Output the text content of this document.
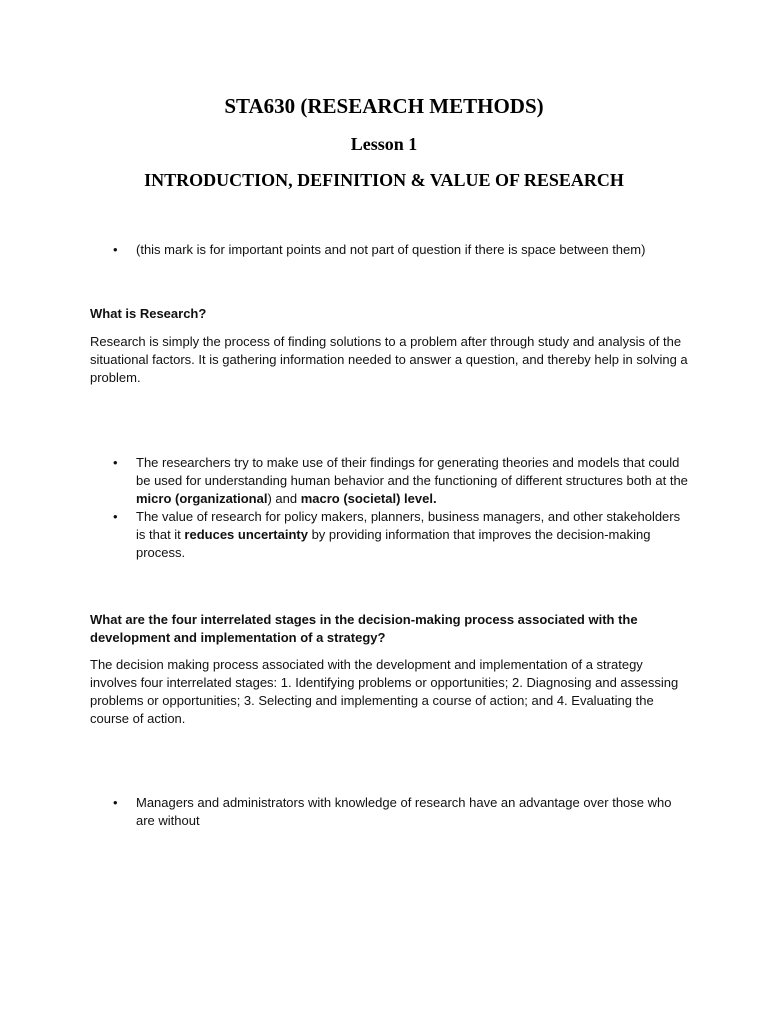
STA630 (RESEARCH METHODS)
Lesson 1
INTRODUCTION, DEFINITION & VALUE OF RESEARCH
• (this mark is for important points and not part of question if there is space between them)

What is Research?

Research is simply the process of finding solutions to a problem after through study and analysis of the situational factors. It is gathering information needed to answer a question, and thereby help in solving a problem.

• The researchers try to make use of their findings for generating theories and models that could be used for understanding human behavior and the functioning of different structures both at the micro (organizational) and macro (societal) level.
• The value of research for policy makers, planners, business managers, and other stakeholders is that it reduces uncertainty by providing information that improves the decision-making process.

What are the four interrelated stages in the decision-making process associated with the development and implementation of a strategy?

The decision making process associated with the development and implementation of a strategy involves four interrelated stages: 1. Identifying problems or opportunities; 2. Diagnosing and assessing problems or opportunities; 3. Selecting and implementing a course of action; and 4. Evaluating the course of action.

• Managers and administrators with knowledge of research have an advantage over those who are without
